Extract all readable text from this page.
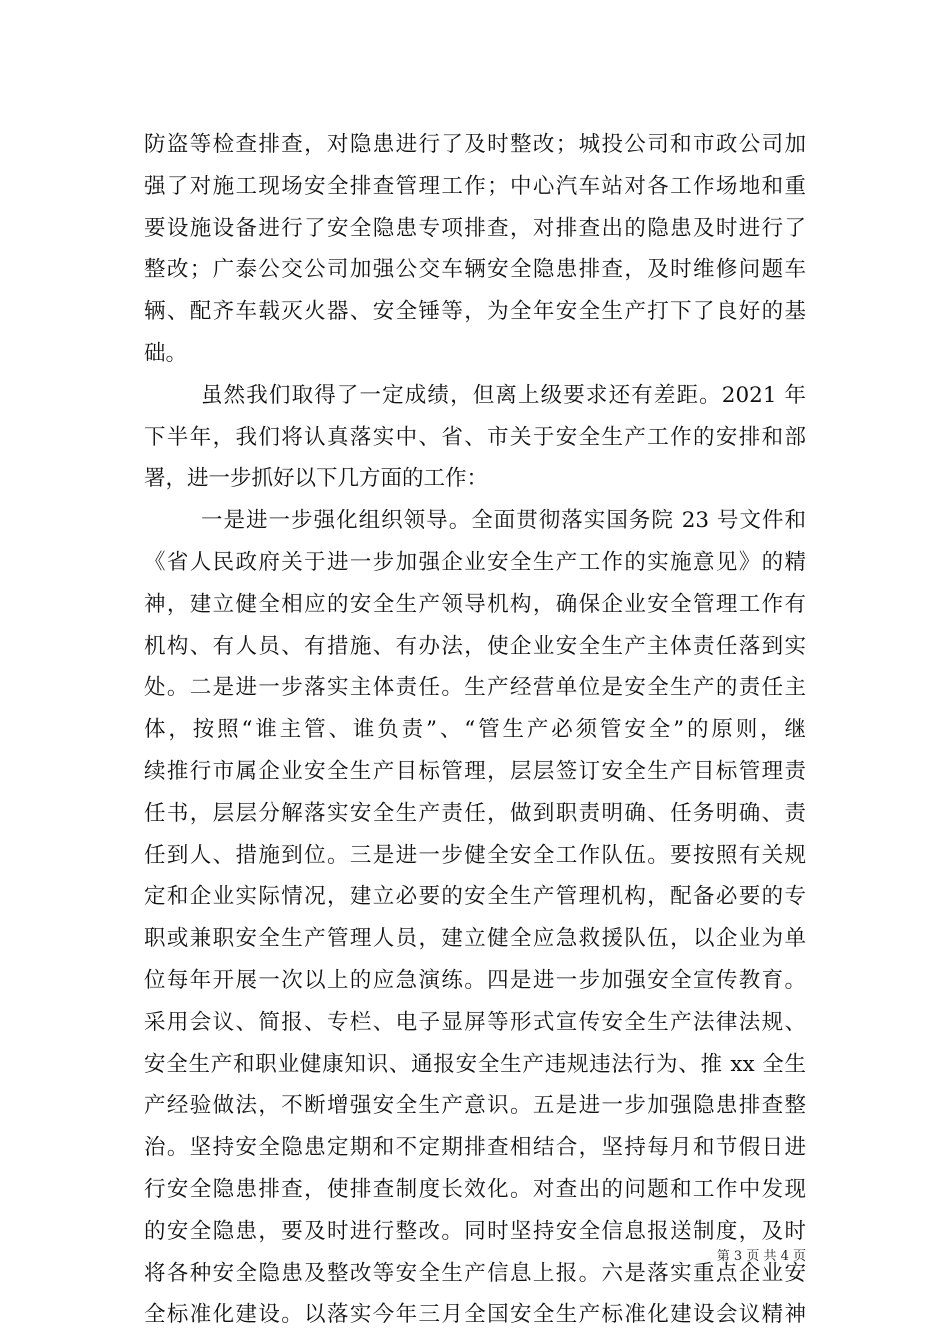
防盗等检查排查，对隐患进行了及时整改；城投公司和市政公司加
强了对施工现场安全排查管理工作；中心汽车站对各工作场地和重
要设施设备进行了安全隐患专项排查，对排查出的隐患及时进行了
整改；广泰公交公司加强公交车辆安全隐患排查，及时维修问题车
辆、配齐车载灭火器、安全锤等，为全年安全生产打下了良好的基
础。
虽然我们取得了一定成绩，但离上级要求还有差距。2021 年
下半年，我们将认真落实中、省、市关于安全生产工作的安排和部
署，进一步抓好以下几方面的工作：
一是进一步强化组织领导。全面贯彻落实国务院 23 号文件和
《省人民政府关于进一步加强企业安全生产工作的实施意见》的精
神，建立健全相应的安全生产领导机构，确保企业安全管理工作有
机构、有人员、有措施、有办法，使企业安全生产主体责任落到实
处。二是进一步落实主体责任。生产经营单位是安全生产的责任主
体，按照“谁主管、谁负责”、“管生产必须管安全”的原则，继
续推行市属企业安全生产目标管理，层层签订安全生产目标管理责
任书，层层分解落实安全生产责任，做到职责明确、任务明确、责
任到人、措施到位。三是进一步健全安全工作队伍。要按照有关规
定和企业实际情况，建立必要的安全生产管理机构，配备必要的专
职或兼职安全生产管理人员，建立健全应急救援队伍，以企业为单
位每年开展一次以上的应急演练。四是进一步加强安全宣传教育。
采用会议、简报、专栏、电子显屏等形式宣传安全生产法律法规、
安全生产和职业健康知识、通报安全生产违规违法行为、推 xx 全生
产经验做法，不断增强安全生产意识。五是进一步加强隐患排查整
治。坚持安全隐患定期和不定期排查相结合，坚持每月和节假日进
行安全隐患排查，使排查制度长效化。对查出的问题和工作中发现
的安全隐患，要及时进行整改。同时坚持安全信息报送制度，及时
将各种安全隐患及整改等安全生产信息上报。六是落实重点企业安
全标准化建设。以落实今年三月全国安全生产标准化建设会议精神
第 3 页 共 4 页
